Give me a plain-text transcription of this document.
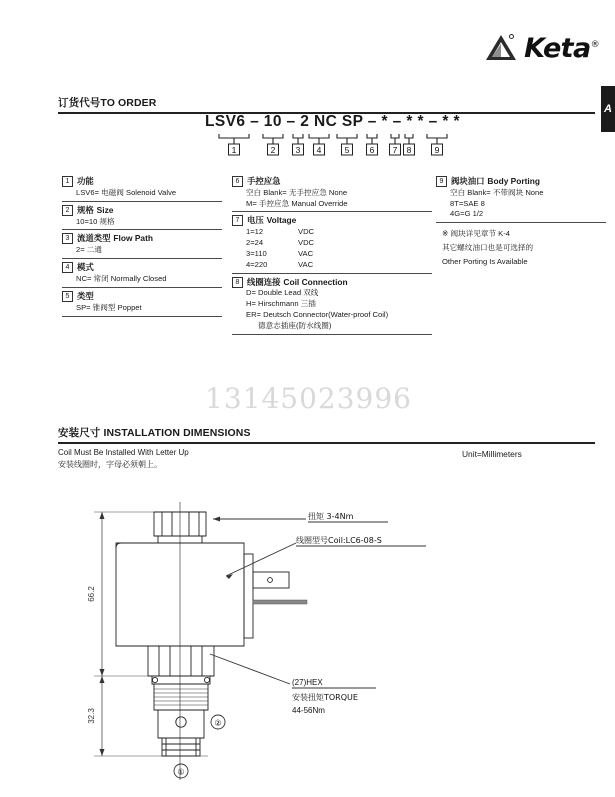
Keta®
A
订货代号TO ORDER
LSV6 – 10 – 2 NC SP – * – * * – * *
1	2 3 4	5 6 7 8	9
1 功能
LSV6= 电磁阀 Solenoid Valve
2 规格 Size
10=10 规格
3 流道类型 Flow Path
2= 二通
4 模式
NC= 常闭 Normally Closed
5 类型
SP= 锥阀型 Poppet
6 手控应急
空白 Blank= 无手控应急 None
M= 手控应急 Manual Override
7 电压 Voltage
1=12	VDC
2=24	VDC
3=110	VAC
4=220	VAC
8 线圈连接 Coil Connection
D= Double Lead 双线
H= Hirschmann 三插
ER= Deutsch Connector(Water-proof Coil)
德意志插座(防水线圈)
9 阀块油口 Body Porting
空白 Blank= 不带阀块 None
8T=SAE 8
4G=G 1/2
※ 阀块详见章节 K-4
其它螺纹油口也是可选择的
Other Porting Is Available
13145023996
安装尺寸 INSTALLATION DIMENSIONS
Coil Must Be Installed With Letter Up
安装线圈时，字母必须朝上。
Unit=Millimeters
66.2
32.3
①
②
扭矩 3-4Nm
线圈型号Coil:LC6-08-S
(27)HEX
安装扭矩TORQUE
44-56Nm
